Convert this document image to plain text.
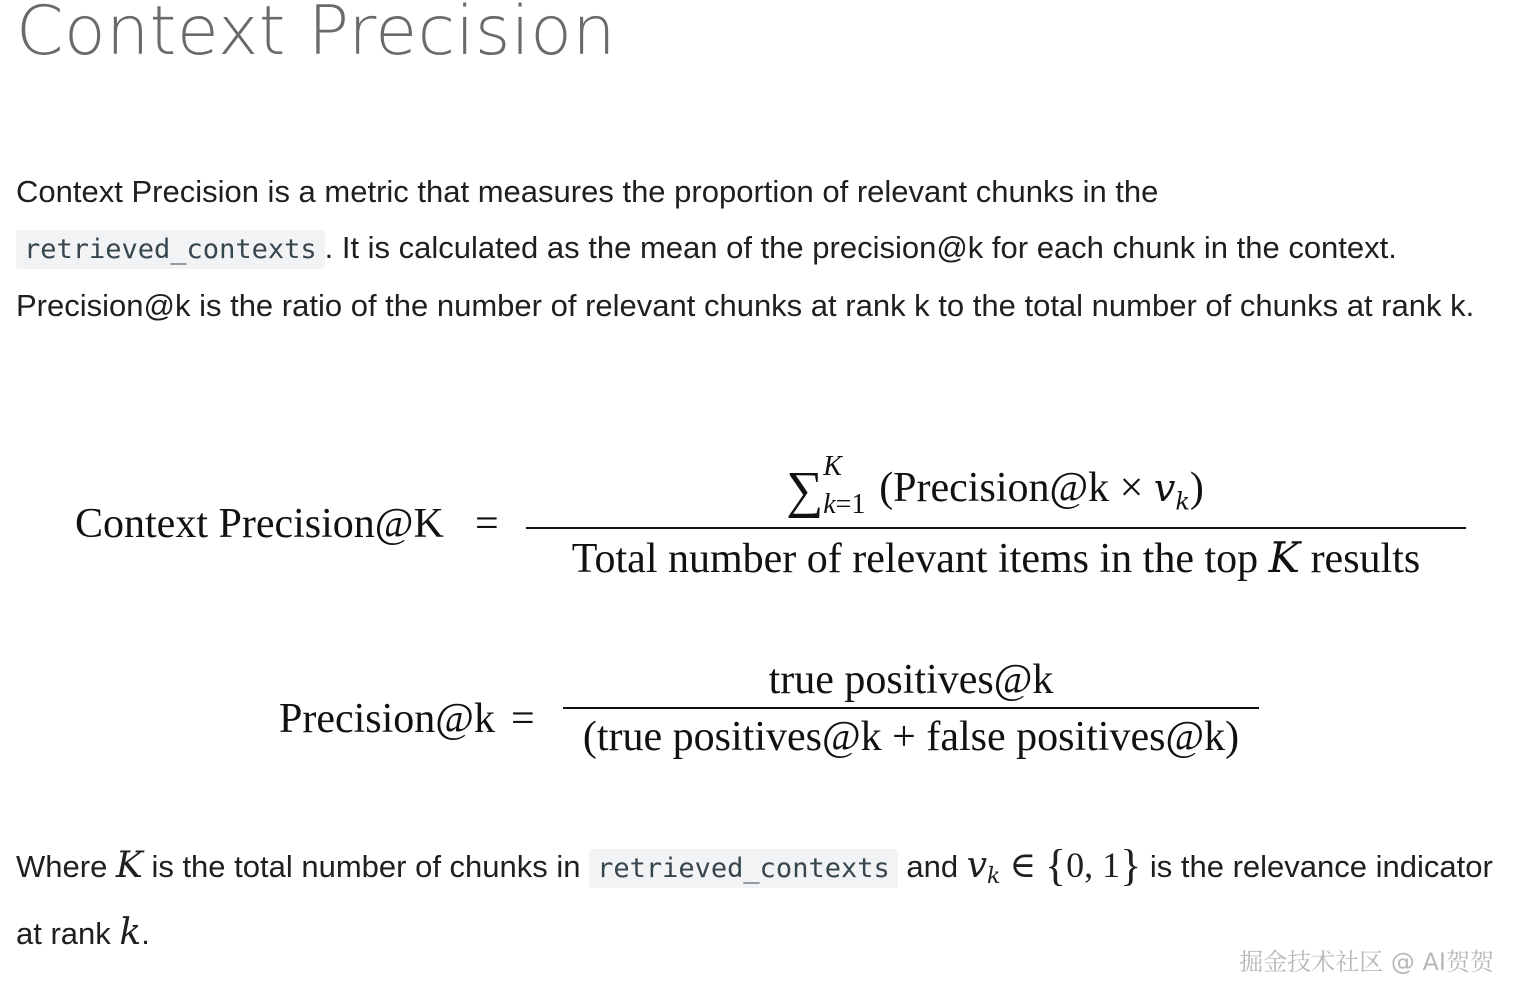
Context Precision

Context Precision is a metric that measures the proportion of relevant chunks in the
retrieved_contexts . It is calculated as the mean of the precision@k for each chunk in the context. Precision@k is the ratio of the number of relevant chunks at rank k to the total number of chunks at rank k.

Context Precision@K =
∑ K
k=1 (Precision@k × $v_k$)
Total number of relevant items in the top K results
Precision@k =
true positives@k
(true positives@k + false positives@k)

Where K is the total number of chunks in retrieved_contexts and $v_k$ ∈ {0, 1} is the relevance indicator at rank k.

掘金技术社区 @ AI贺贺
